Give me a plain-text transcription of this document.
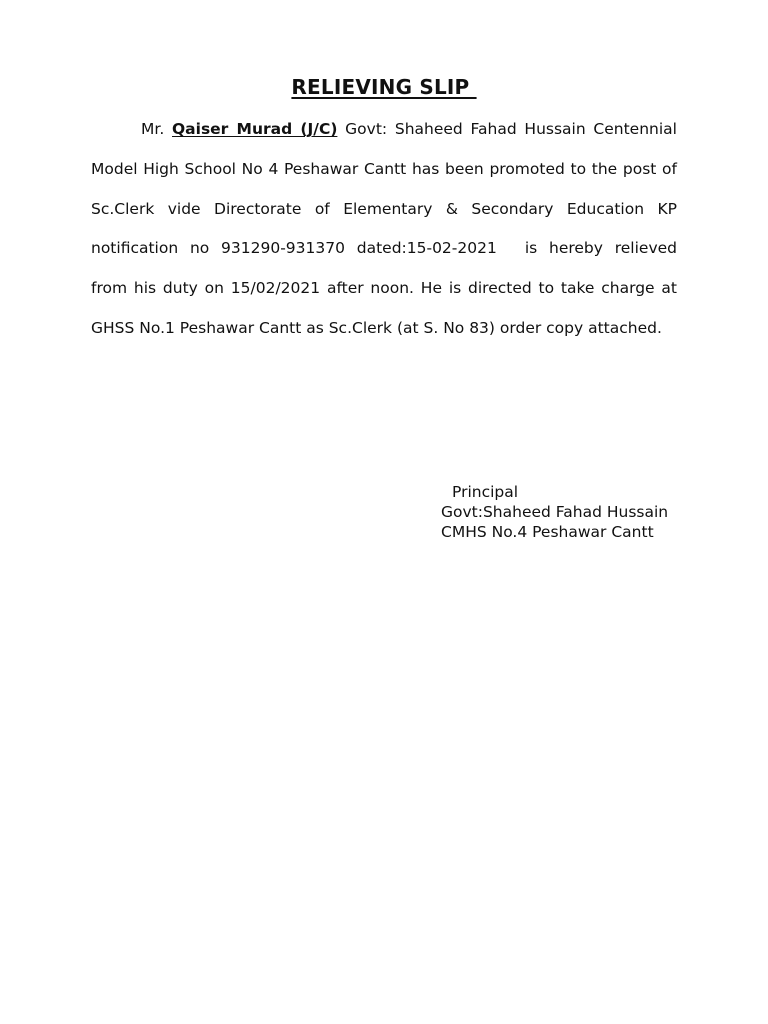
RELIEVING SLIP
Mr. Qaiser Murad (J/C) Govt: Shaheed Fahad Hussain Centennial Model High School No 4 Peshawar Cantt has been promoted to the post of Sc.Clerk vide Directorate of Elementary & Secondary Education KP notification no 931290-931370 dated:15-02-2021 is hereby relieved from his duty on 15/02/2021 after noon. He is directed to take charge at GHSS No.1 Peshawar Cantt as Sc.Clerk (at S. No 83) order copy attached.
Principal
Govt:Shaheed Fahad Hussain
CMHS No.4 Peshawar Cantt
